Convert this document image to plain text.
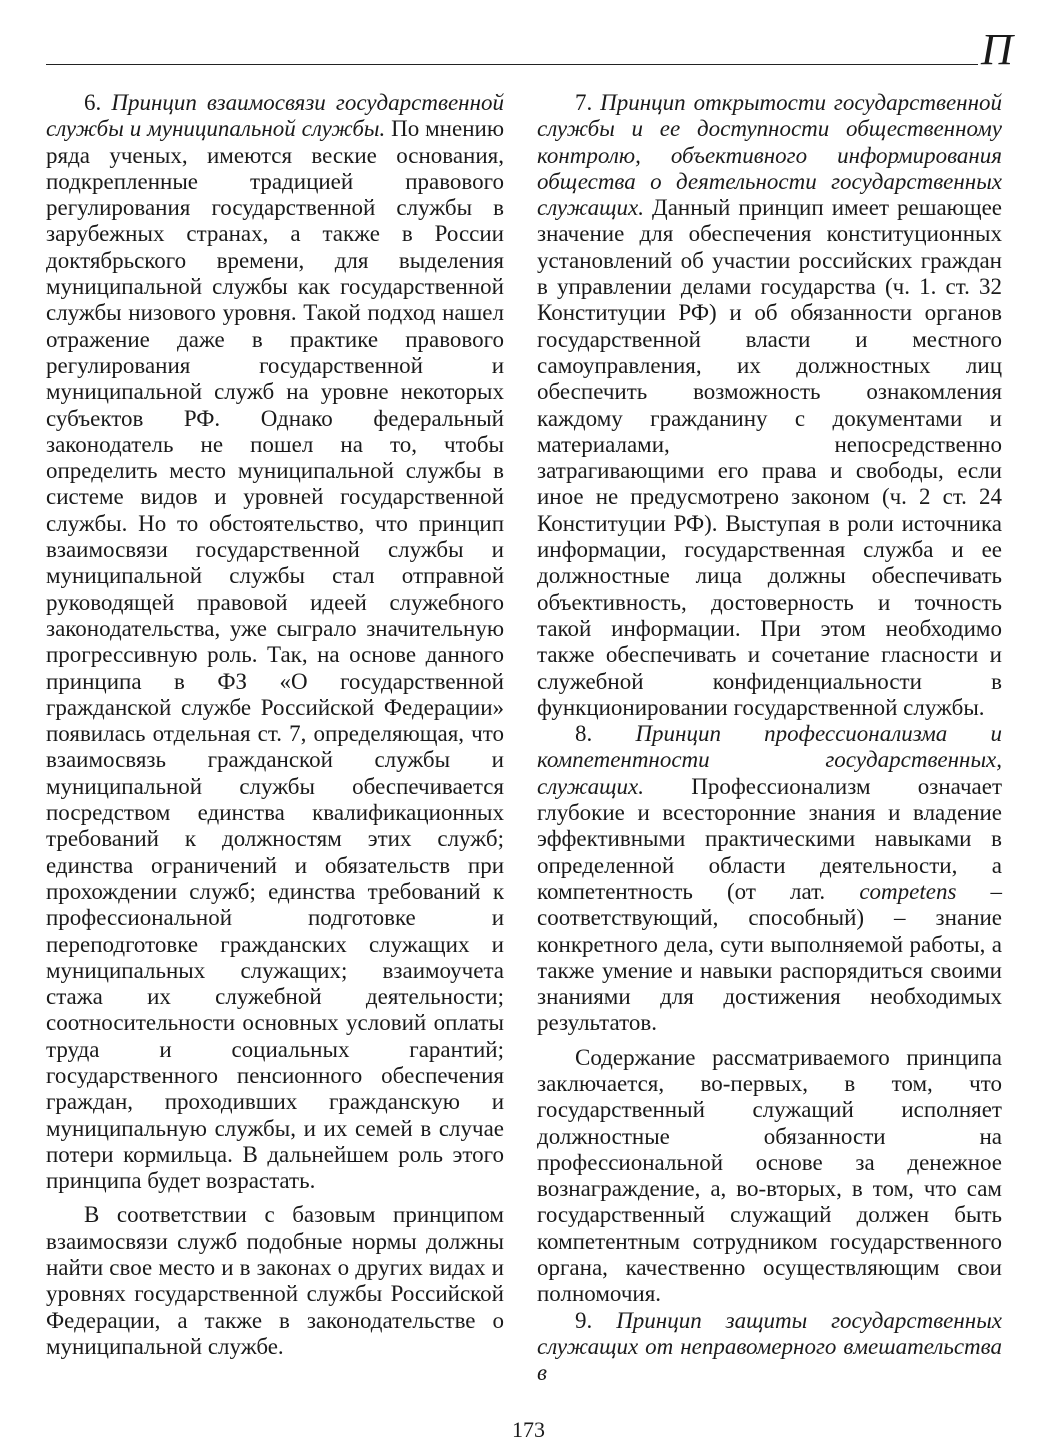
П

6. Принцип взаимосвязи государственной службы и муниципальной службы. По мнению ряда ученых, имеются веские основания, подкрепленные традицией правового регулирования государственной службы в зарубежных странах, а также в России доктябрьского времени, для выделения муниципальной службы как государственной службы низового уровня. Такой подход нашел отражение даже в практике правового регулирования государственной и муниципальной служб на уровне некоторых субъектов РФ. Однако федеральный законодатель не пошел на то, чтобы определить место муниципальной службы в системе видов и уровней государственной службы. Но то обстоятельство, что принцип взаимосвязи государственной службы и муниципальной службы стал отправной руководящей правовой идеей служебного законодательства, уже сыграло значительную прогрессивную роль. Так, на основе данного принципа в ФЗ «О государственной гражданской службе Российской Федерации» появилась отдельная ст. 7, определяющая, что взаимосвязь гражданской службы и муниципальной службы обеспечивается посредством единства квалификационных требований к должностям этих служб; единства ограничений и обязательств при прохождении служб; единства требований к профессиональной подготовке и переподготовке гражданских служащих и муниципальных служащих; взаимоучета стажа их служебной деятельности; соотносительности основных условий оплаты труда и социальных гарантий; государственного пенсионного обеспечения граждан, проходивших гражданскую и муниципальную службы, и их семей в случае потери кормильца. В дальнейшем роль этого принципа будет возрастать.

В соответствии с базовым принципом взаимосвязи служб подобные нормы должны найти свое место и в законах о других видах и уровнях государственной службы Российской Федерации, а также в законодательстве о муниципальной службе.

7. Принцип открытости государственной службы и ее доступности общественному контролю, объективного информирования общества о деятельности государственных служащих. Данный принцип имеет решающее значение для обеспечения конституционных установлений об участии российских граждан в управлении делами государства (ч. 1. ст. 32 Конституции РФ) и об обязанности органов государственной власти и местного самоуправления, их должностных лиц обеспечить возможность ознакомления каждому гражданину с документами и материалами, непосредственно затрагивающими его права и свободы, если иное не предусмотрено законом (ч. 2 ст. 24 Конституции РФ). Выступая в роли источника информации, государственная служба и ее должностные лица должны обеспечивать объективность, достоверность и точность такой информации. При этом необходимо также обеспечивать и сочетание гласности и служебной конфиденциальности в функционировании государственной службы.

8. Принцип профессионализма и компетентности государственных, служащих. Профессионализм означает глубокие и всесторонние знания и владение эффективными практическими навыками в определенной области деятельности, а компетентность (от лат. competens – соответствующий, способный) – знание конкретного дела, сути выполняемой работы, а также умение и навыки распорядиться своими знаниями для достижения необходимых результатов.

Содержание рассматриваемого принципа заключается, во-первых, в том, что государственный служащий исполняет должностные обязанности на профессиональной основе за денежное вознаграждение, а, во-вторых, в том, что сам государственный служащий должен быть компетентным сотрудником государственного органа, качественно осуществляющим свои полномочия.

9. Принцип защиты государственных служащих от неправомерного вмешательства в

173
